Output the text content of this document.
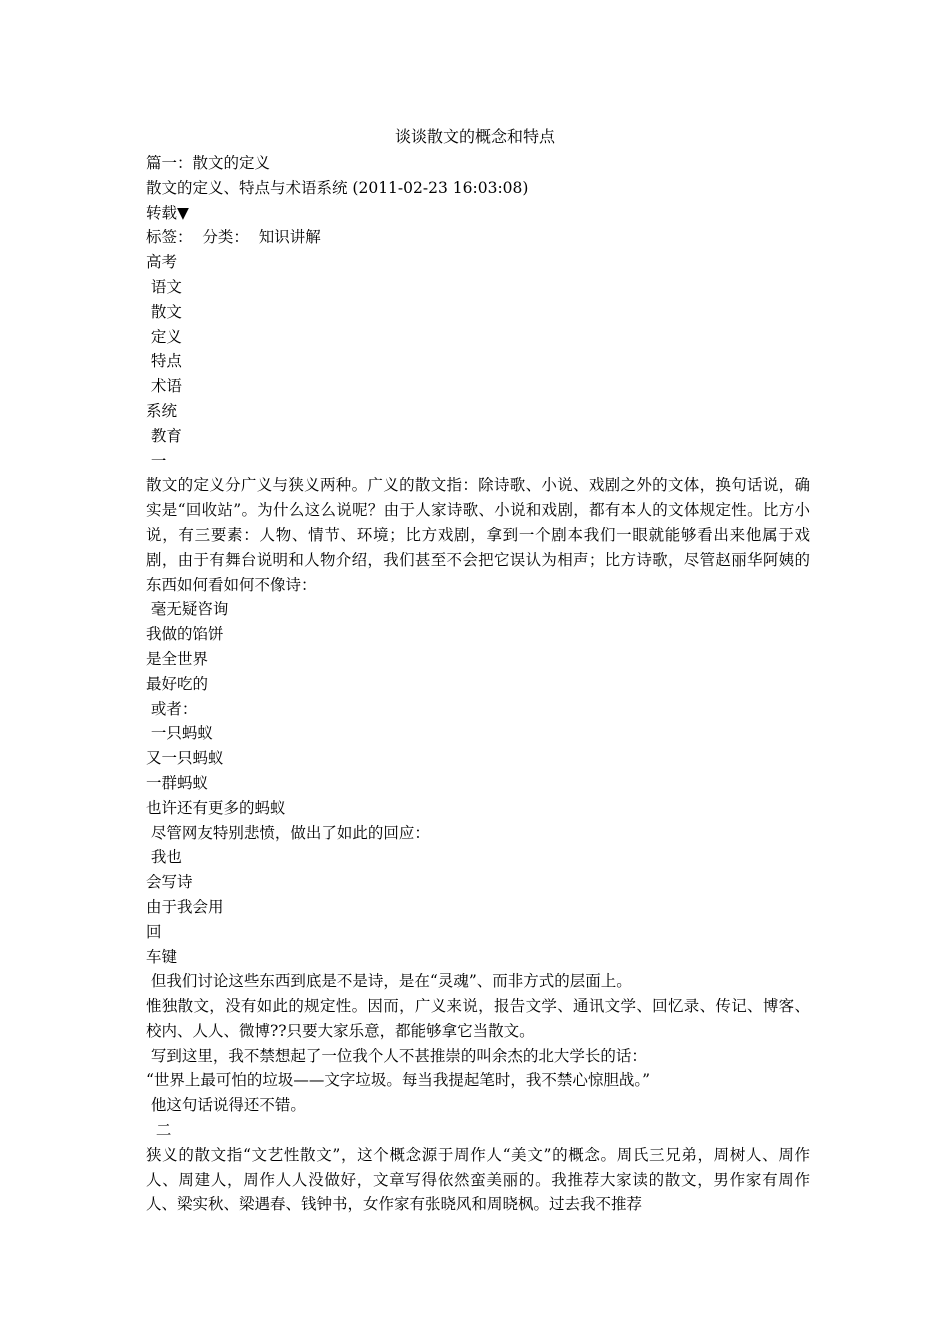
谈谈散文的概念和特点
篇一：散文的定义
散文的定义、特点与术语系统 (2011-02-23 16:03:08)
转载▼
标签：  分类：  知识讲解
高考
语文
散文
定义
特点
术语
系统
教育
一
散文的定义分广义与狭义两种。广义的散文指：除诗歌、小说、戏剧之外的文体，换句话说，确实是“回收站”。为什么这么说呢？由于人家诗歌、小说和戏剧，都有本人的文体规定性。比方小说，有三要素：人物、情节、环境；比方戏剧，拿到一个剧本我们一眼就能够看出来他属于戏剧，由于有舞台说明和人物介绍，我们甚至不会把它误认为相声；比方诗歌，尽管赵丽华阿姨的东西如何看如何不像诗：
毫无疑咨询
我做的馅饼
是全世界
最好吃的
或者：
一只蚂蚁
又一只蚂蚁
一群蚂蚁
也许还有更多的蚂蚁
尽管网友特别悲愤，做出了如此的回应：
我也
会写诗
由于我会用
回
车键
但我们讨论这些东西到底是不是诗，是在“灵魂”、而非方式的层面上。
惟独散文，没有如此的规定性。因而，广义来说，报告文学、通讯文学、回忆录、传记、博客、校内、人人、微博??只要大家乐意，都能够拿它当散文。
写到这里，我不禁想起了一位我个人不甚推崇的叫余杰的北大学长的话：
“世界上最可怕的垃圾——文字垃圾。每当我提起笔时，我不禁心惊胆战。”
他这句话说得还不错。
二
狭义的散文指“文艺性散文”，这个概念源于周作人“美文”的概念。周氏三兄弟，周树人、周作人、周建人，周作人人没做好，文章写得依然蛮美丽的。我推荐大家读的散文，男作家有周作人、梁实秋、梁遇春、钱钟书，女作家有张晓风和周晓枫。过去我不推荐
